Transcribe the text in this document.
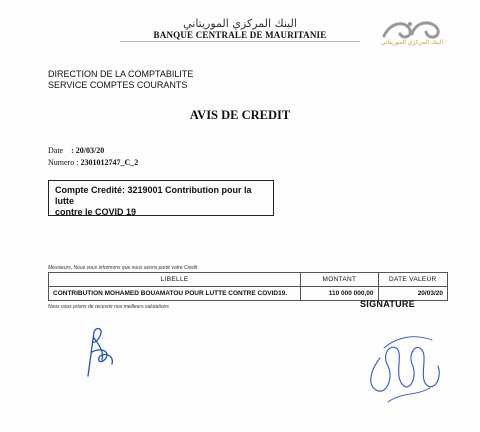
البنك المركزي الموريتاني
BANQUE CENTRALE DE MAURITANIE
البنك المركزي الموريتاني
DIRECTION DE LA COMPTABILITE
SERVICE COMPTES COURANTS
AVIS DE CREDIT
Date : 20/03/20
Numero : 2301012747_C_2
Compte Credité: 3219001 Contribution pour la lutte
contre le COVID 19
Messieurs, Nous vous informons que nous avons porté votre Credit
LIBELLE	MONTANT	DATE VALEUR
CONTRIBUTION MOHAMED BOUAMATOU POUR LUTTE CONTRE COVID19.	110 000 000,00	20/03/20
Nous vous prions de recevoir nos meilleurs salutations	SIGNATURE
